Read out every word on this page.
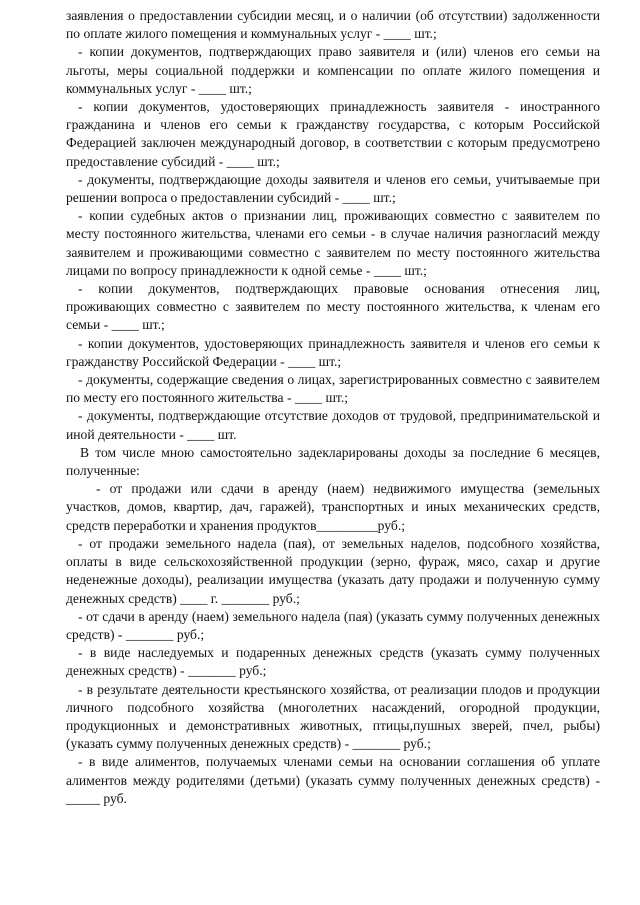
заявления о предоставлении субсидии месяц, и о наличии (об отсутствии) задолженности по оплате жилого помещения и коммунальных услуг - ____ шт.;

- копии документов, подтверждающих право заявителя и (или) членов его семьи на льготы, меры социальной поддержки и компенсации по оплате жилого помещения и коммунальных услуг - ____ шт.;

- копии документов, удостоверяющих принадлежность заявителя - иностранного гражданина и членов его семьи к гражданству государства, с которым Российской Федерацией заключен международный договор, в соответствии с которым предусмотрено предоставление субсидий - ____ шт.;

- документы, подтверждающие доходы заявителя и членов его семьи, учитываемые при решении вопроса о предоставлении субсидий - ____ шт.;

- копии судебных актов о признании лиц, проживающих совместно с заявителем по месту постоянного жительства, членами его семьи - в случае наличия разногласий между заявителем и проживающими совместно с заявителем по месту постоянного жительства лицами по вопросу принадлежности к одной семье - ____ шт.;

- копии документов, подтверждающих правовые основания отнесения лиц, проживающих совместно с заявителем по месту постоянного жительства, к членам его семьи - ____ шт.;

- копии документов, удостоверяющих принадлежность заявителя и членов его семьи к гражданству Российской Федерации - ____ шт.;

- документы, содержащие сведения о лицах, зарегистрированных совместно с заявителем по месту его постоянного жительства - ____ шт.;

- документы, подтверждающие отсутствие доходов от трудовой, предпринимательской и иной деятельности - ____ шт.

В том числе мною самостоятельно задекларированы доходы за последние 6 месяцев, полученные:

- от продажи или сдачи в аренду (наем) недвижимого имущества (земельных участков, домов, квартир, дач, гаражей), транспортных и иных механических средств, средств переработки и хранения продуктов_________руб.;

- от продажи земельного надела (пая), от земельных наделов, подсобного хозяйства, оплаты в виде сельскохозяйственной продукции (зерно, фураж, мясо, сахар и другие неденежные доходы), реализации имущества (указать дату продажи и полученную сумму денежных средств) ____ г. _______ руб.;

- от сдачи в аренду (наем) земельного надела (пая) (указать сумму полученных денежных средств) - _______ руб.;

- в виде наследуемых и подаренных денежных средств (указать сумму полученных денежных средств) - _______ руб.;

- в результате деятельности крестьянского хозяйства, от реализации плодов и продукции личного подсобного хозяйства (многолетних насаждений, огородной продукции, продукционных и демонстративных животных, птицы,пушных зверей, пчел, рыбы) (указать сумму полученных денежных средств) - _______ руб.;

- в виде алиментов, получаемых членами семьи на основании соглашения об уплате алиментов между родителями (детьми) (указать сумму полученных денежных средств) - _____ руб.
